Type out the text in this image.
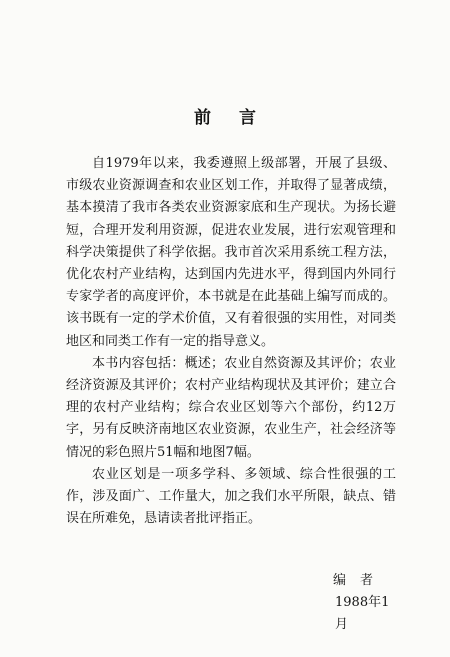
前言

自1979年以来，我委遵照上级部署，开展了县级、市级农业资源调查和农业区划工作，并取得了显著成绩，基本摸清了我市各类农业资源家底和生产现状。为扬长避短，合理开发利用资源，促进农业发展，进行宏观管理和科学决策提供了科学依据。我市首次采用系统工程方法，优化农村产业结构，达到国内先进水平，得到国内外同行专家学者的高度评价，本书就是在此基础上编写而成的。该书既有一定的学术价值，又有着很强的实用性，对同类地区和同类工作有一定的指导意义。

本书内容包括：概述；农业自然资源及其评价；农业经济资源及其评价；农村产业结构现状及其评价；建立合理的农村产业结构；综合农业区划等六个部份，约12万字，另有反映济南地区农业资源，农业生产，社会经济等情况的彩色照片51幅和地图7幅。

农业区划是一项多学科、多领域、综合性很强的工作，涉及面广、工作量大，加之我们水平所限，缺点、错误在所难免，恳请读者批评指正。

编者
1988年1月
